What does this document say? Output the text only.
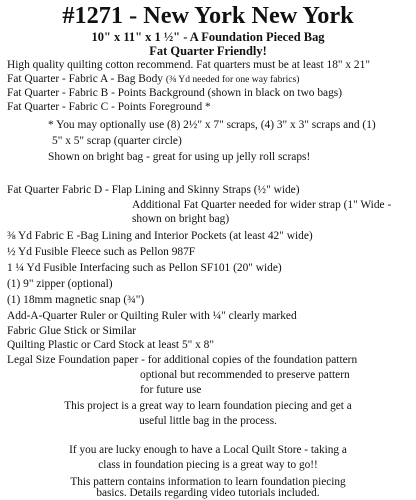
#1271 - New York New York
10" x 11" x 1 ½" - A Foundation Pieced Bag
Fat Quarter Friendly!
High quality quilting cotton recommend. Fat quarters must be at least 18" x 21"
Fat Quarter - Fabric A - Bag Body (⅜ Yd needed for one way fabrics)
Fat Quarter - Fabric B - Points Background (shown in black on two bags)
Fat Quarter - Fabric C - Points Foreground *
* You may optionally use (8) 2½" x 7" scraps, (4) 3" x 3" scraps and (1)
5" x 5" scrap (quarter circle)
Shown on bright bag - great for using up jelly roll scraps!
Fat Quarter Fabric D - Flap Lining and Skinny Straps (½" wide)
Additional Fat Quarter needed for wider strap (1" Wide -
shown on bright bag)
⅜ Yd Fabric E -Bag Lining and Interior Pockets (at least 42" wide)
½ Yd Fusible Fleece such as Pellon 987F
1 ¼ Yd Fusible Interfacing such as Pellon SF101 (20" wide)
(1) 9" zipper (optional)
(1) 18mm magnetic snap (¾")
Add-A-Quarter Ruler or Quilting Ruler with ¼" clearly marked
Fabric Glue Stick or Similar
Quilting Plastic or Card Stock at least 5" x 8"
Legal Size Foundation paper - for additional copies of the foundation pattern
optional but recommended to preserve pattern
for future use
This project is a great way to learn foundation piecing and get a
useful little bag in the process.
If you are lucky enough to have a Local Quilt Store - taking a
class in foundation piecing is a great way to go!!
This pattern contains information to learn foundation piecing
basics. Details regarding video tutorials included.
